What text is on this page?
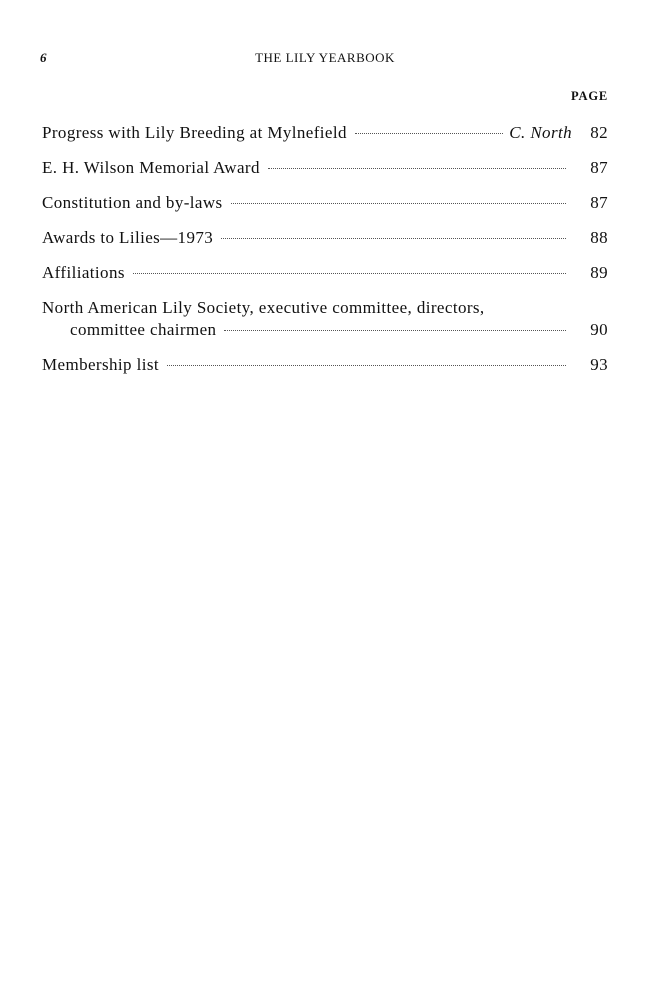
6	THE LILY YEARBOOK
PAGE
Progress with Lily Breeding at Mylnefield	C. North	82
E. H. Wilson Memorial Award	87
Constitution and by-laws	87
Awards to Lilies—1973	88
Affiliations	89
North American Lily Society, executive committee, directors,
committee chairmen	90
Membership list	93
